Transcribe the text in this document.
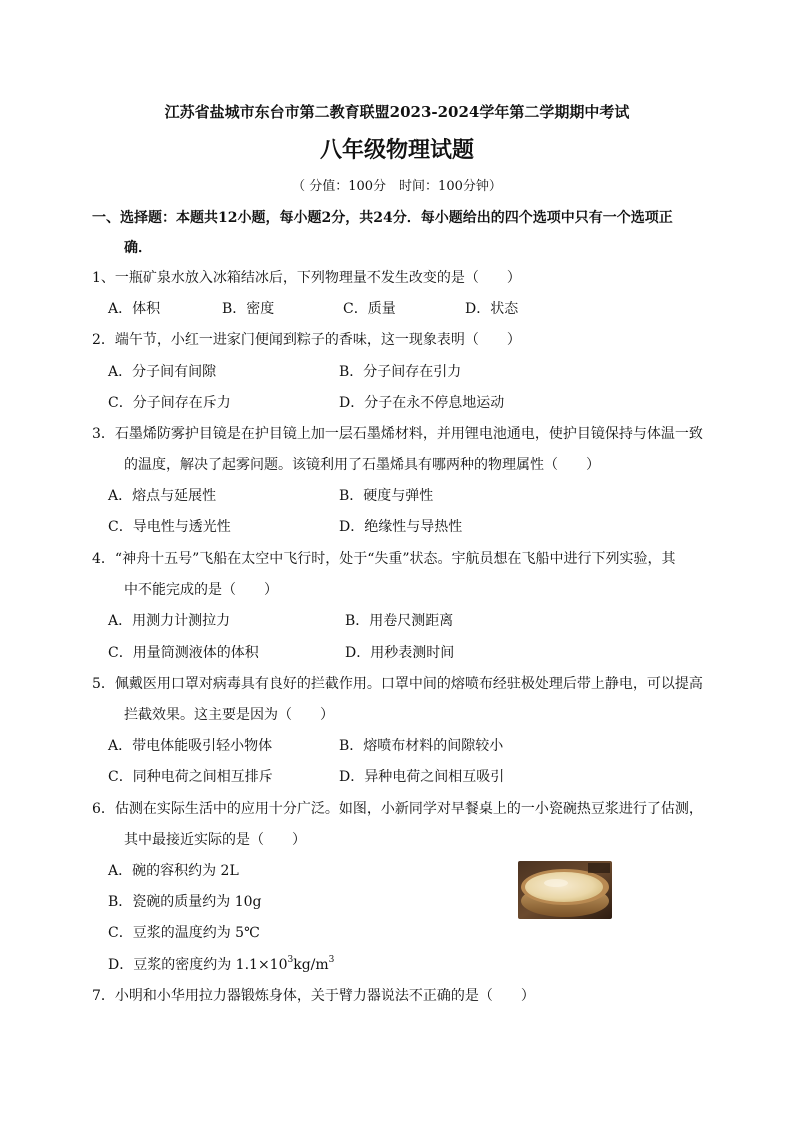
江苏省盐城市东台市第二教育联盟2023-2024学年第二学期期中考试
八年级物理试题
（ 分值：100分　时间：100分钟）
一、选择题：本题共12小题，每小题2分，共24分．每小题给出的四个选项中只有一个选项正
确．
1、一瓶矿泉水放入冰箱结冰后，下列物理量不发生改变的是（　　）
A．体积	B．密度	C．质量	D．状态
2．端午节，小红一进家门便闻到粽子的香味，这一现象表明（　　）
A．分子间有间隙	B．分子间存在引力
C．分子间存在斥力	D．分子在永不停息地运动
3．石墨烯防雾护目镜是在护目镜上加一层石墨烯材料，并用锂电池通电，使护目镜保持与体温一致
的温度，解决了起雾问题。该镜利用了石墨烯具有哪两种的物理属性（　　）
A．熔点与延展性	B．硬度与弹性
C．导电性与透光性	D．绝缘性与导热性
4．“神舟十五号”飞船在太空中飞行时，处于“失重”状态。宇航员想在飞船中进行下列实验，其
中不能完成的是（　　）
A．用测力计测拉力	B．用卷尺测距离
C．用量筒测液体的体积	D．用秒表测时间
5．佩戴医用口罩对病毒具有良好的拦截作用。口罩中间的熔喷布经驻极处理后带上静电，可以提高
拦截效果。这主要是因为（　　）
A．带电体能吸引轻小物体	B．熔喷布材料的间隙较小
C．同种电荷之间相互排斥	D．异种电荷之间相互吸引
6．估测在实际生活中的应用十分广泛。如图，小新同学对早餐桌上的一小瓷碗热豆浆进行了估测，
其中最接近实际的是（　　）
A．碗的容积约为 2L
B．瓷碗的质量约为 10g
C．豆浆的温度约为 5℃
D．豆浆的密度约为 $1.1\times 10^3kg/m^3$
7．小明和小华用拉力器锻炼身体，关于臂力器说法不正确的是（　　）
